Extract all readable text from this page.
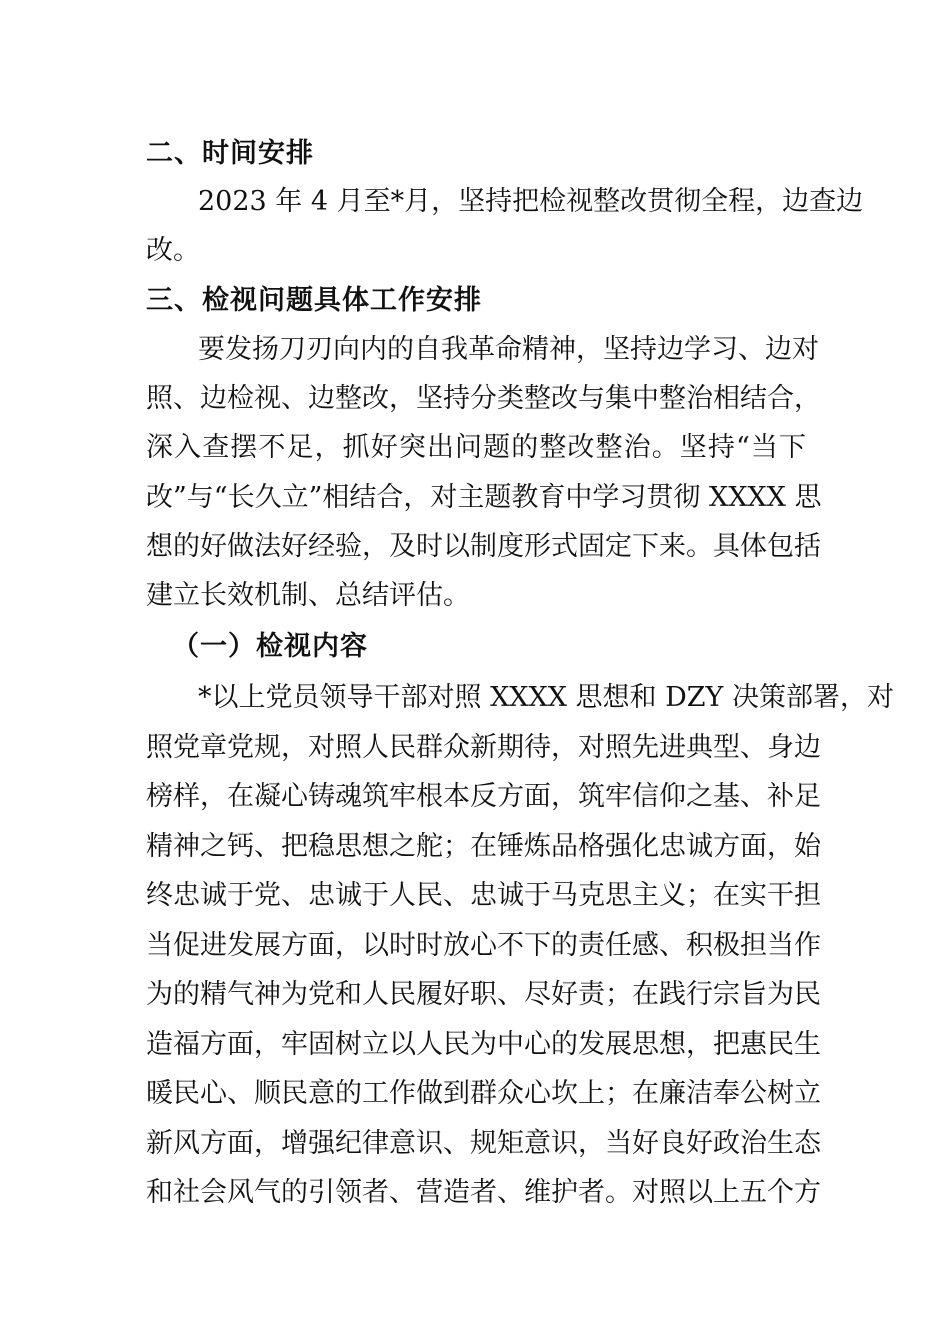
二、时间安排
2023 年 4 月至*月，坚持把检视整改贯彻全程，边查边
改。
三、检视问题具体工作安排
要发扬刀刃向内的自我革命精神，坚持边学习、边对
照、边检视、边整改，坚持分类整改与集中整治相结合，
深入查摆不足，抓好突出问题的整改整治。坚持“当下
改”与“长久立”相结合，对主题教育中学习贯彻 XXXX 思
想的好做法好经验，及时以制度形式固定下来。具体包括
建立长效机制、总结评估。
（一）检视内容
*以上党员领导干部对照 XXXX 思想和 DZY 决策部署，对
照党章党规，对照人民群众新期待，对照先进典型、身边
榜样，在凝心铸魂筑牢根本反方面，筑牢信仰之基、补足
精神之钙、把稳思想之舵；在锤炼品格强化忠诚方面，始
终忠诚于党、忠诚于人民、忠诚于马克思主义；在实干担
当促进发展方面，以时时放心不下的责任感、积极担当作
为的精气神为党和人民履好职、尽好责；在践行宗旨为民
造福方面，牢固树立以人民为中心的发展思想，把惠民生
暖民心、顺民意的工作做到群众心坎上；在廉洁奉公树立
新风方面，增强纪律意识、规矩意识，当好良好政治生态
和社会风气的引领者、营造者、维护者。对照以上五个方
